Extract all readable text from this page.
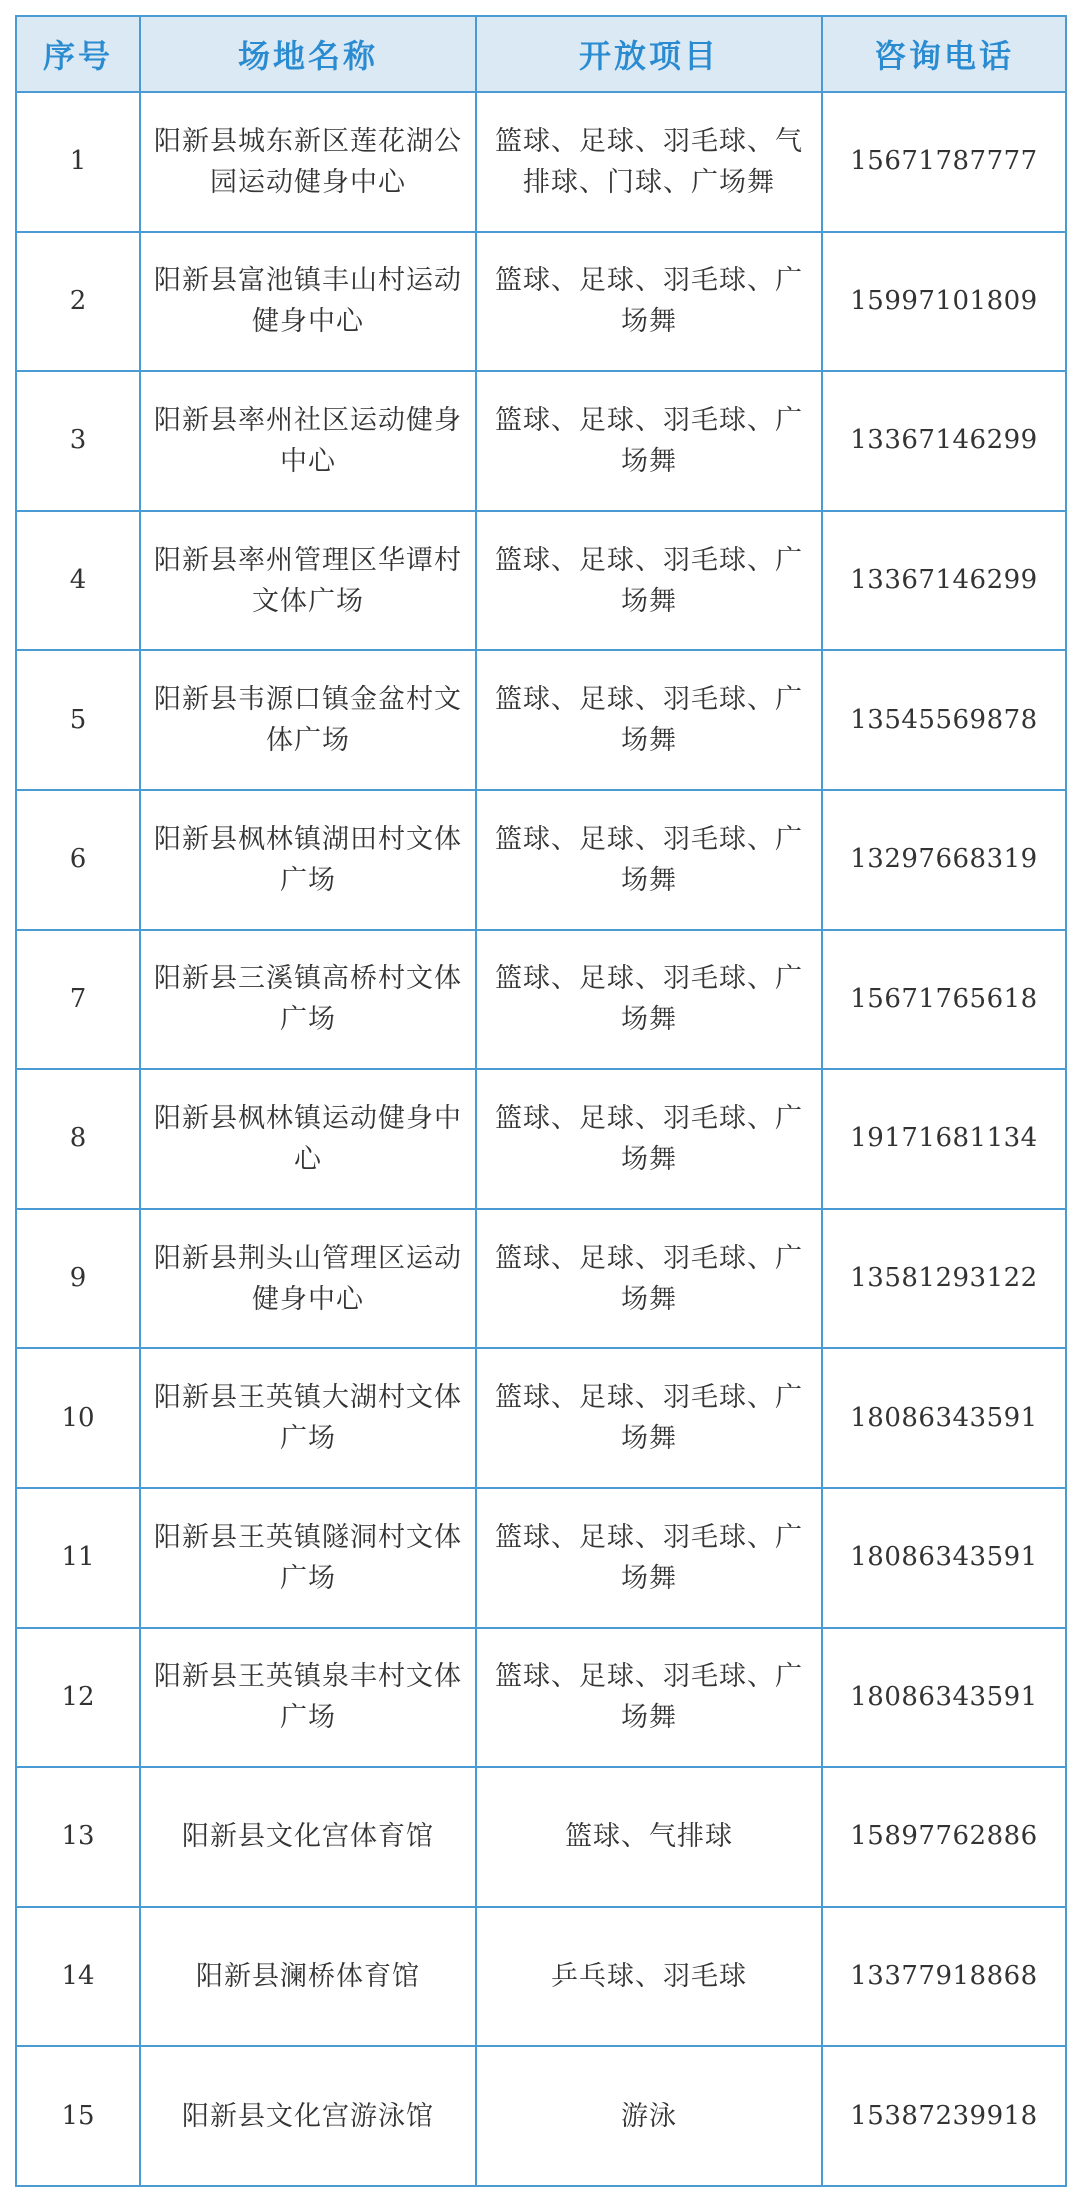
序号	场地名称	开放项目	咨询电话
1	阳新县城东新区莲花湖公园运动健身中心	篮球、足球、羽毛球、气排球、门球、广场舞	15671787777
2	阳新县富池镇丰山村运动健身中心	篮球、足球、羽毛球、广场舞	15997101809
3	阳新县率州社区运动健身中心	篮球、足球、羽毛球、广场舞	13367146299
4	阳新县率州管理区华谭村文体广场	篮球、足球、羽毛球、广场舞	13367146299
5	阳新县韦源口镇金盆村文体广场	篮球、足球、羽毛球、广场舞	13545569878
6	阳新县枫林镇湖田村文体广场	篮球、足球、羽毛球、广场舞	13297668319
7	阳新县三溪镇高桥村文体广场	篮球、足球、羽毛球、广场舞	15671765618
8	阳新县枫林镇运动健身中心	篮球、足球、羽毛球、广场舞	19171681134
9	阳新县荆头山管理区运动健身中心	篮球、足球、羽毛球、广场舞	13581293122
10	阳新县王英镇大湖村文体广场	篮球、足球、羽毛球、广场舞	18086343591
11	阳新县王英镇隧洞村文体广场	篮球、足球、羽毛球、广场舞	18086343591
12	阳新县王英镇泉丰村文体广场	篮球、足球、羽毛球、广场舞	18086343591
13	阳新县文化宫体育馆	篮球、气排球	15897762886
14	阳新县澜桥体育馆	乒乓球、羽毛球	13377918868
15	阳新县文化宫游泳馆	游泳	15387239918
